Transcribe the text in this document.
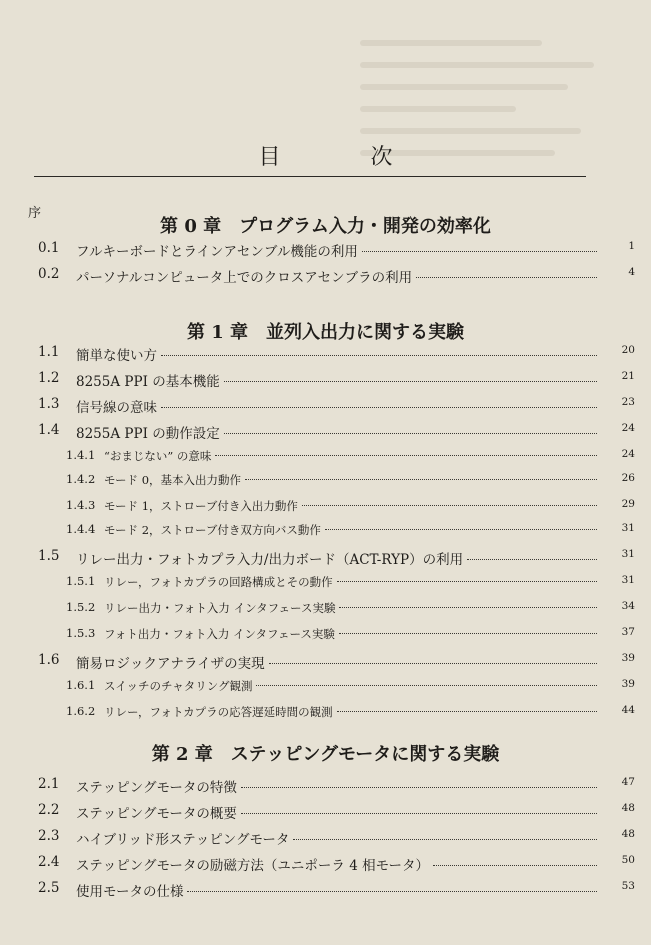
目　次
序
第 0 章　プログラム入力・開発の効率化
第 1 章　並列入出力に関する実験
第 2 章　ステッピングモータに関する実験
0.1 フルキーボードとラインアセンブル機能の利用	1
0.2 パーソナルコンピュータ上でのクロスアセンブラの利用	4
1.1 簡単な使い方	20
1.2 8255A PPI の基本機能	21
1.3 信号線の意味	23
1.4 8255A PPI の動作設定	24
1.4.1 “おまじない” の意味	24
1.4.2 モード 0，基本入出力動作	26
1.4.3 モード 1，ストローブ付き入出力動作	29
1.4.4 モード 2，ストローブ付き双方向バス動作	31
1.5 リレー出力・フォトカプラ入力/出力ボード（ACT-RYP）の利用	31
1.5.1 リレー，フォトカプラの回路構成とその動作	31
1.5.2 リレー出力・フォト入力 インタフェース実験	34
1.5.3 フォト出力・フォト入力 インタフェース実験	37
1.6 簡易ロジックアナライザの実現	39
1.6.1 スイッチのチャタリング観測	39
1.6.2 リレー，フォトカプラの応答遅延時間の観測	44
2.1 ステッピングモータの特徴	47
2.2 ステッピングモータの概要	48
2.3 ハイブリッド形ステッピングモータ	48
2.4 ステッピングモータの励磁方法（ユニポーラ 4 相モータ）	50
2.5 使用モータの仕様	53
